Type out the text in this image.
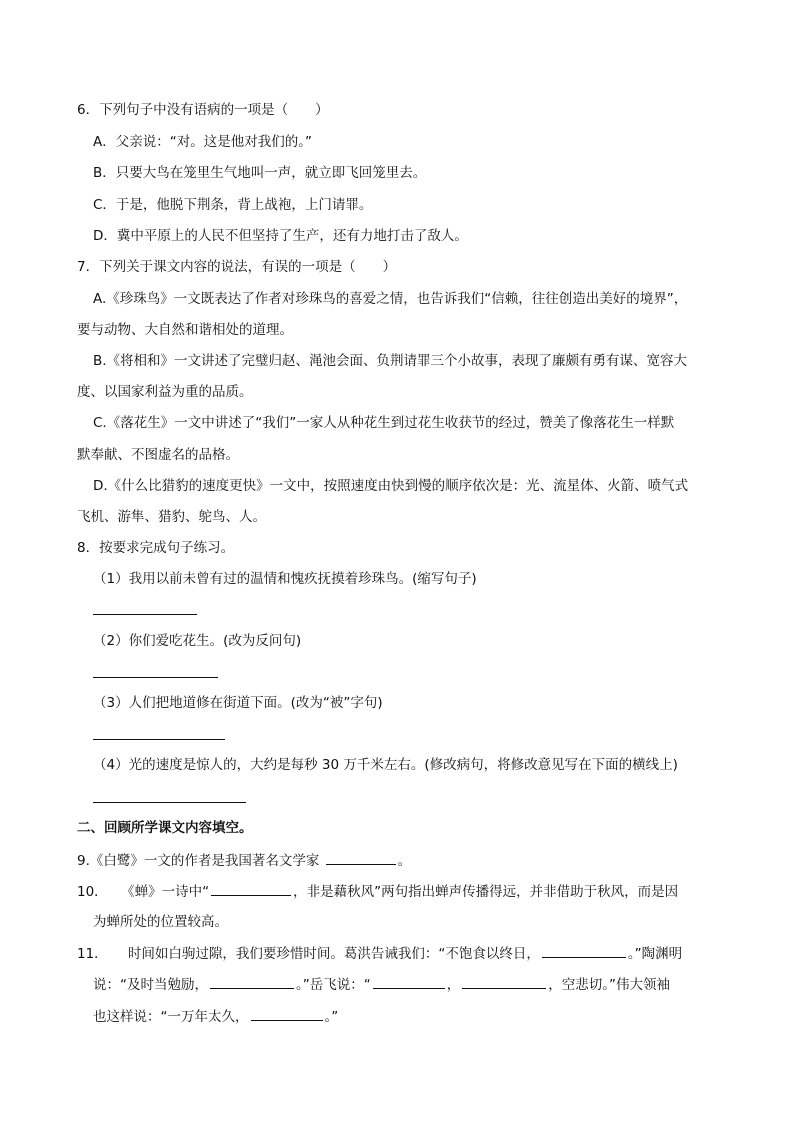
6．下列句子中没有语病的一项是（　　）
A．父亲说：“对。这是他对我们的。”
B．只要大鸟在笼里生气地叫一声，就立即飞回笼里去。
C．于是，他脱下荆条，背上战袍，上门请罪。
D．冀中平原上的人民不但坚持了生产，还有力地打击了敌人。
7．下列关于课文内容的说法，有误的一项是（　　）
A.《珍珠鸟》一文既表达了作者对珍珠鸟的喜爱之情，也告诉我们“信赖，往往创造出美好的境界”，
要与动物、大自然和谐相处的道理。
B.《将相和》一文讲述了完璧归赵、渑池会面、负荆请罪三个小故事，表现了廉颇有勇有谋、宽容大
度、以国家利益为重的品质。
C.《落花生》一文中讲述了“我们”一家人从种花生到过花生收获节的经过，赞美了像落花生一样默
默奉献、不图虚名的品格。
D.《什么比猎豹的速度更快》一文中，按照速度由快到慢的顺序依次是：光、流星体、火箭、喷气式
飞机、游隼、猎豹、鸵鸟、人。
8．按要求完成句子练习。
（1）我用以前未曾有过的温情和愧疚抚摸着珍珠鸟。(缩写句子)
（2）你们爱吃花生。(改为反问句)
（3）人们把地道修在街道下面。(改为“被”字句)
（4）光的速度是惊人的，大约是每秒 30 万千米左右。(修改病句，将修改意见写在下面的横线上)
二、回顾所学课文内容填空。
9.《白鹭》一文的作者是我国著名文学家	。
10．　　《蝉》一诗中“	，非是藉秋风”两句指出蝉声传播得远，并非借助于秋风，而是因
为蝉所处的位置较高。
11．　　时间如白驹过隙，我们要珍惜时间。葛洪告诫我们：“不饱食以终日，	。”陶渊明
说：“及时当勉励，	。”岳飞说：“	，	，空悲切。”伟大领袖
也这样说：“一万年太久，	。”
